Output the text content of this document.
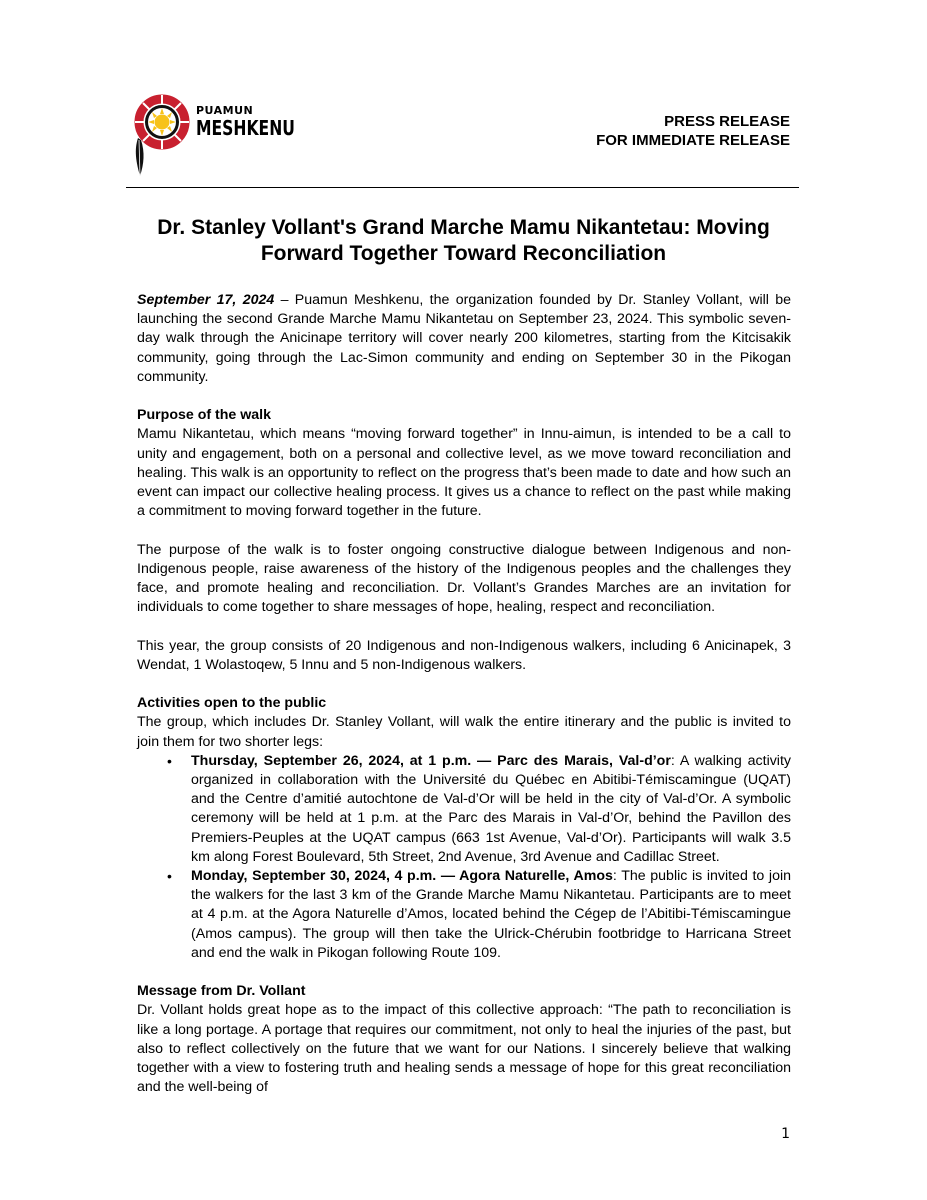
PUAMUN
MESHKENU	PRESS RELEASE
FOR IMMEDIATE RELEASE
Dr. Stanley Vollant's Grand Marche Mamu Nikantetau: Moving Forward Together Toward Reconciliation

September 17, 2024 – Puamun Meshkenu, the organization founded by Dr. Stanley Vollant, will be launching the second Grande Marche Mamu Nikantetau on September 23, 2024. This symbolic seven-day walk through the Anicinape territory will cover nearly 200 kilometres, starting from the Kitcisakik community, going through the Lac-Simon community and ending on September 30 in the Pikogan community.

Purpose of the walk

Mamu Nikantetau, which means “moving forward together” in Innu-aimun, is intended to be a call to unity and engagement, both on a personal and collective level, as we move toward reconciliation and healing. This walk is an opportunity to reflect on the progress that’s been made to date and how such an event can impact our collective healing process. It gives us a chance to reflect on the past while making a commitment to moving forward together in the future.

The purpose of the walk is to foster ongoing constructive dialogue between Indigenous and non-Indigenous people, raise awareness of the history of the Indigenous peoples and the challenges they face, and promote healing and reconciliation. Dr. Vollant’s Grandes Marches are an invitation for individuals to come together to share messages of hope, healing, respect and reconciliation.

This year, the group consists of 20 Indigenous and non-Indigenous walkers, including 6 Anicinapek, 3 Wendat, 1 Wolastoqew, 5 Innu and 5 non-Indigenous walkers.

Activities open to the public

The group, which includes Dr. Stanley Vollant, will walk the entire itinerary and the public is invited to join them for two shorter legs:

• Thursday, September 26, 2024, at 1 p.m. — Parc des Marais, Val-d’or: A walking activity organized in collaboration with the Université du Québec en Abitibi-Témiscamingue (UQAT) and the Centre d’amitié autochtone de Val-d’Or will be held in the city of Val-d’Or. A symbolic ceremony will be held at 1 p.m. at the Parc des Marais in Val-d’Or, behind the Pavillon des Premiers-Peuples at the UQAT campus (663 1st Avenue, Val-d’Or). Participants will walk 3.5 km along Forest Boulevard, 5th Street, 2nd Avenue, 3rd Avenue and Cadillac Street.
• Monday, September 30, 2024, 4 p.m. — Agora Naturelle, Amos: The public is invited to join the walkers for the last 3 km of the Grande Marche Mamu Nikantetau. Participants are to meet at 4 p.m. at the Agora Naturelle d’Amos, located behind the Cégep de l’Abitibi-Témiscamingue (Amos campus). The group will then take the Ulrick-Chérubin footbridge to Harricana Street and end the walk in Pikogan following Route 109.

Message from Dr. Vollant

Dr. Vollant holds great hope as to the impact of this collective approach: “The path to reconciliation is like a long portage. A portage that requires our commitment, not only to heal the injuries of the past, but also to reflect collectively on the future that we want for our Nations. I sincerely believe that walking together with a view to fostering truth and healing sends a message of hope for this great reconciliation and the well-being of

1
